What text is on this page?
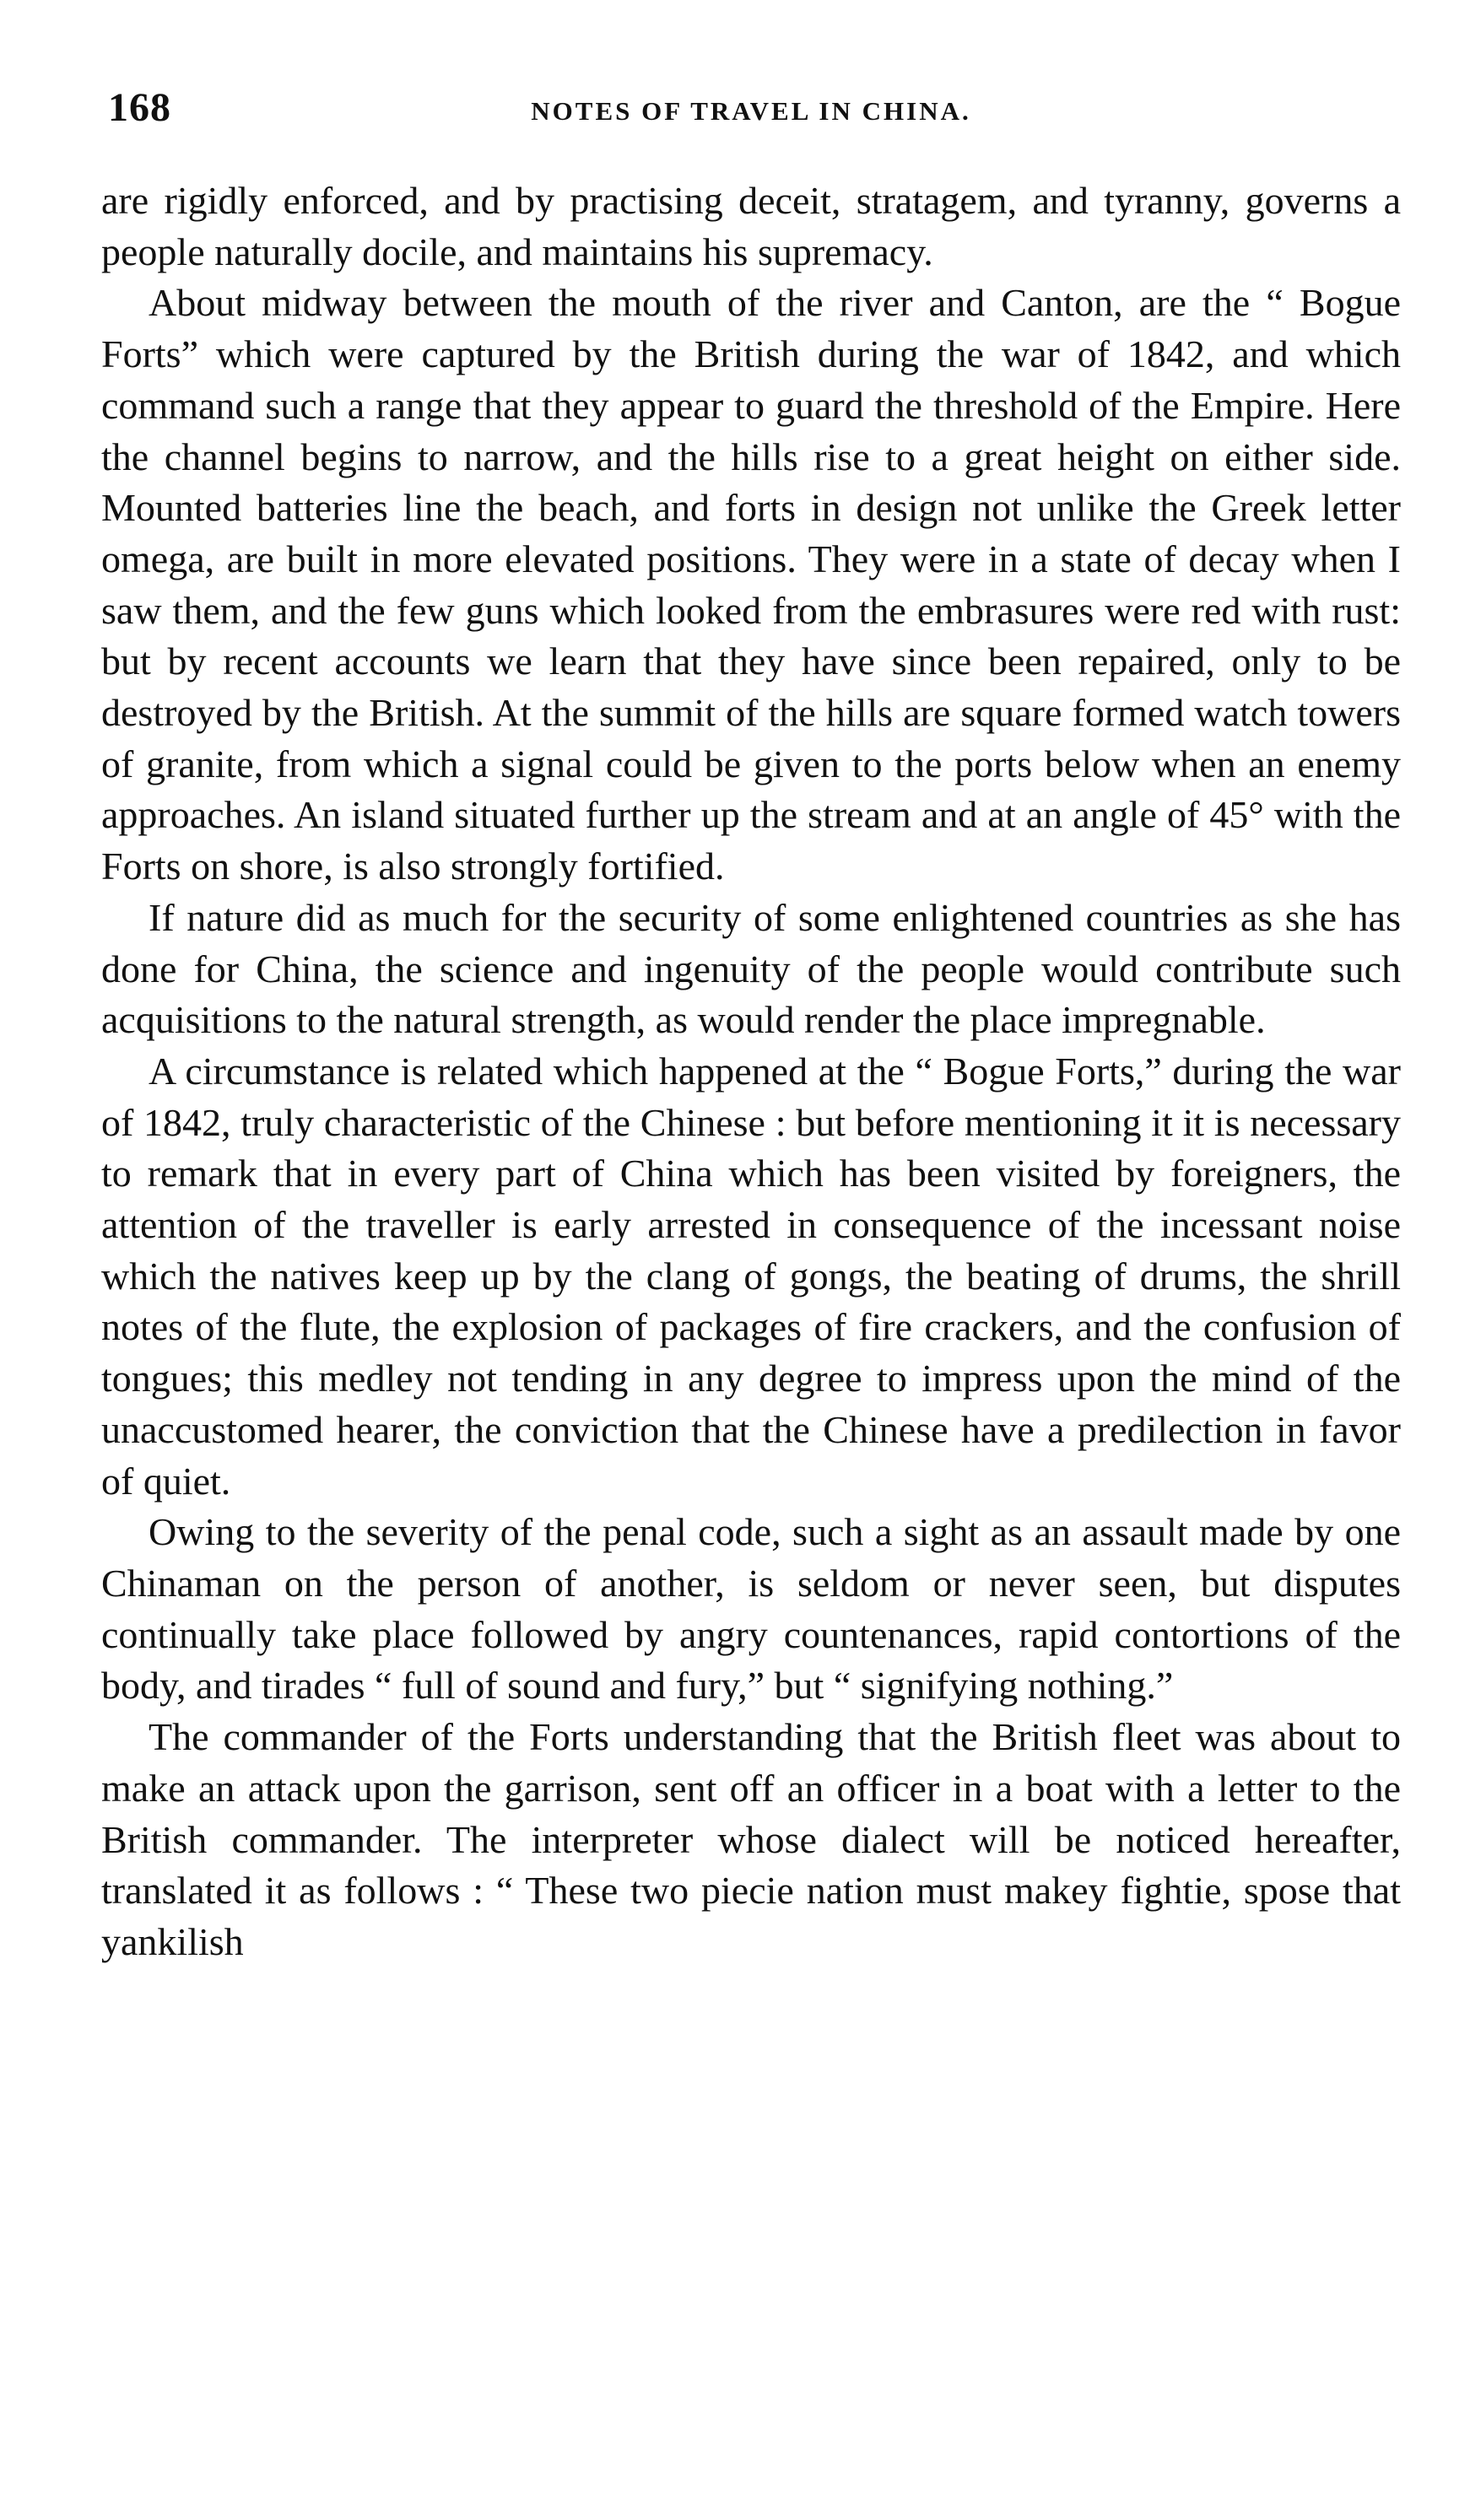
168	NOTES OF TRAVEL IN CHINA.

are rigidly enforced, and by practising deceit, stratagem, and tyranny, governs a people naturally docile, and maintains his supremacy.

About midway between the mouth of the river and Canton, are the “ Bogue Forts” which were captured by the British during the war of 1842, and which command such a range that they appear to guard the threshold of the Empire. Here the channel begins to narrow, and the hills rise to a great height on either side. Mounted batteries line the beach, and forts in design not unlike the Greek letter omega, are built in more elevated positions. They were in a state of decay when I saw them, and the few guns which looked from the embrasures were red with rust: but by recent accounts we learn that they have since been repaired, only to be destroyed by the British. At the summit of the hills are square formed watch towers of granite, from which a signal could be given to the ports below when an enemy approaches. An island situated further up the stream and at an angle of 45° with the Forts on shore, is also strongly fortified.

If nature did as much for the security of some enlightened countries as she has done for China, the science and ingenuity of the people would contribute such acquisitions to the natural strength, as would render the place impregnable.

A circumstance is related which happened at the “ Bogue Forts,” during the war of 1842, truly characteristic of the Chinese : but before mentioning it it is necessary to remark that in every part of China which has been visited by foreigners, the attention of the traveller is early arrested in consequence of the incessant noise which the natives keep up by the clang of gongs, the beating of drums, the shrill notes of the flute, the explosion of packages of fire crackers, and the confusion of tongues; this medley not tending in any degree to impress upon the mind of the unaccustomed hearer, the conviction that the Chinese have a predilection in favor of quiet.

Owing to the severity of the penal code, such a sight as an assault made by one Chinaman on the person of another, is seldom or never seen, but disputes continually take place followed by angry countenances, rapid contortions of the body, and tirades “ full of sound and fury,” but “ signifying nothing.”

The commander of the Forts understanding that the British fleet was about to make an attack upon the garrison, sent off an officer in a boat with a letter to the British commander. The interpreter whose dialect will be noticed hereafter, translated it as follows : “ These two piecie nation must makey fightie, spose that yankilish
